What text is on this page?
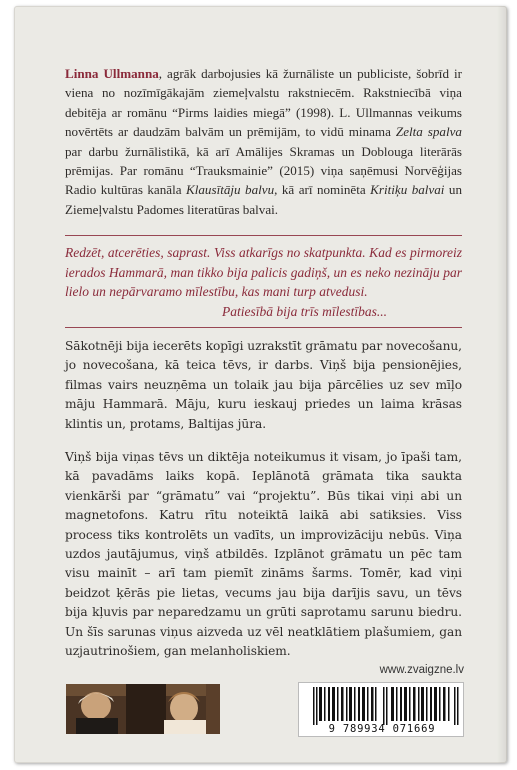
Linna Ullmanna, agrāk darbojusies kā žurnāliste un publiciste, šobrīd ir viena no nozīmīgākajām ziemeļvalstu rakstniecēm. Rakstniecībā viņa debitēja ar romānu “Pirms laidies miegā” (1998). L. Ullmannas veikums novērtēts ar daudzām balvām un prēmijām, to vidū minama Zelta spalva par darbu žurnālistikā, kā arī Amālijes Skramas un Doblouga literārās prēmijas. Par romānu “Trauksmainie” (2015) viņa saņēmusi Norvēģijas Radio kultūras kanāla Klausītāju balvu, kā arī nominēta Kritiķu balvai un Ziemeļvalstu Padomes literatūras balvai.
Redzēt, atcerēties, saprast. Viss atkarīgs no skatpunkta. Kad es pirmoreiz ierados Hammarā, man tikko bija palicis gadiņš, un es neko nezināju par lielo un nepārvaramo mīlestību, kas mani turp atvedusi.
Patiesībā bija trīs mīlestības...
Sākotnēji bija iecerēts kopīgi uzrakstīt grāmatu par novecošanu, jo novecošana, kā teica tēvs, ir darbs. Viņš bija pensionējies, filmas vairs neuzņēma un tolaik jau bija pārcēlies uz sev mīļo māju Hammarā. Māju, kuru ieskauj priedes un laima krāsas klintis un, protams, Baltijas jūra.
Viņš bija viņas tēvs un diktēja noteikumus it visam, jo īpaši tam, kā pavadāms laiks kopā. Ieplānotā grāmata tika saukta vienkārši par “grāmatu” vai “projektu”. Būs tikai viņi abi un magnetofons. Katru rītu noteiktā laikā abi satiksies. Viss process tiks kontrolēts un vadīts, un improvizāciju nebūs. Viņa uzdos jautājumus, viņš atbildēs. Izplānot grāmatu un pēc tam visu mainīt – arī tam piemīt zināms šarms. Tomēr, kad viņi beidzot ķērās pie lietas, vecums jau bija darījis savu, un tēvs bija kļuvis par neparedzamu un grūti saprotamu sarunu biedru. Un šīs sarunas viņus aizveda uz vēl neatklātiem plašumiem, gan uzjautrinošiem, gan melanholiskiem.
www.zvaigzne.lv
9 789934 071669
